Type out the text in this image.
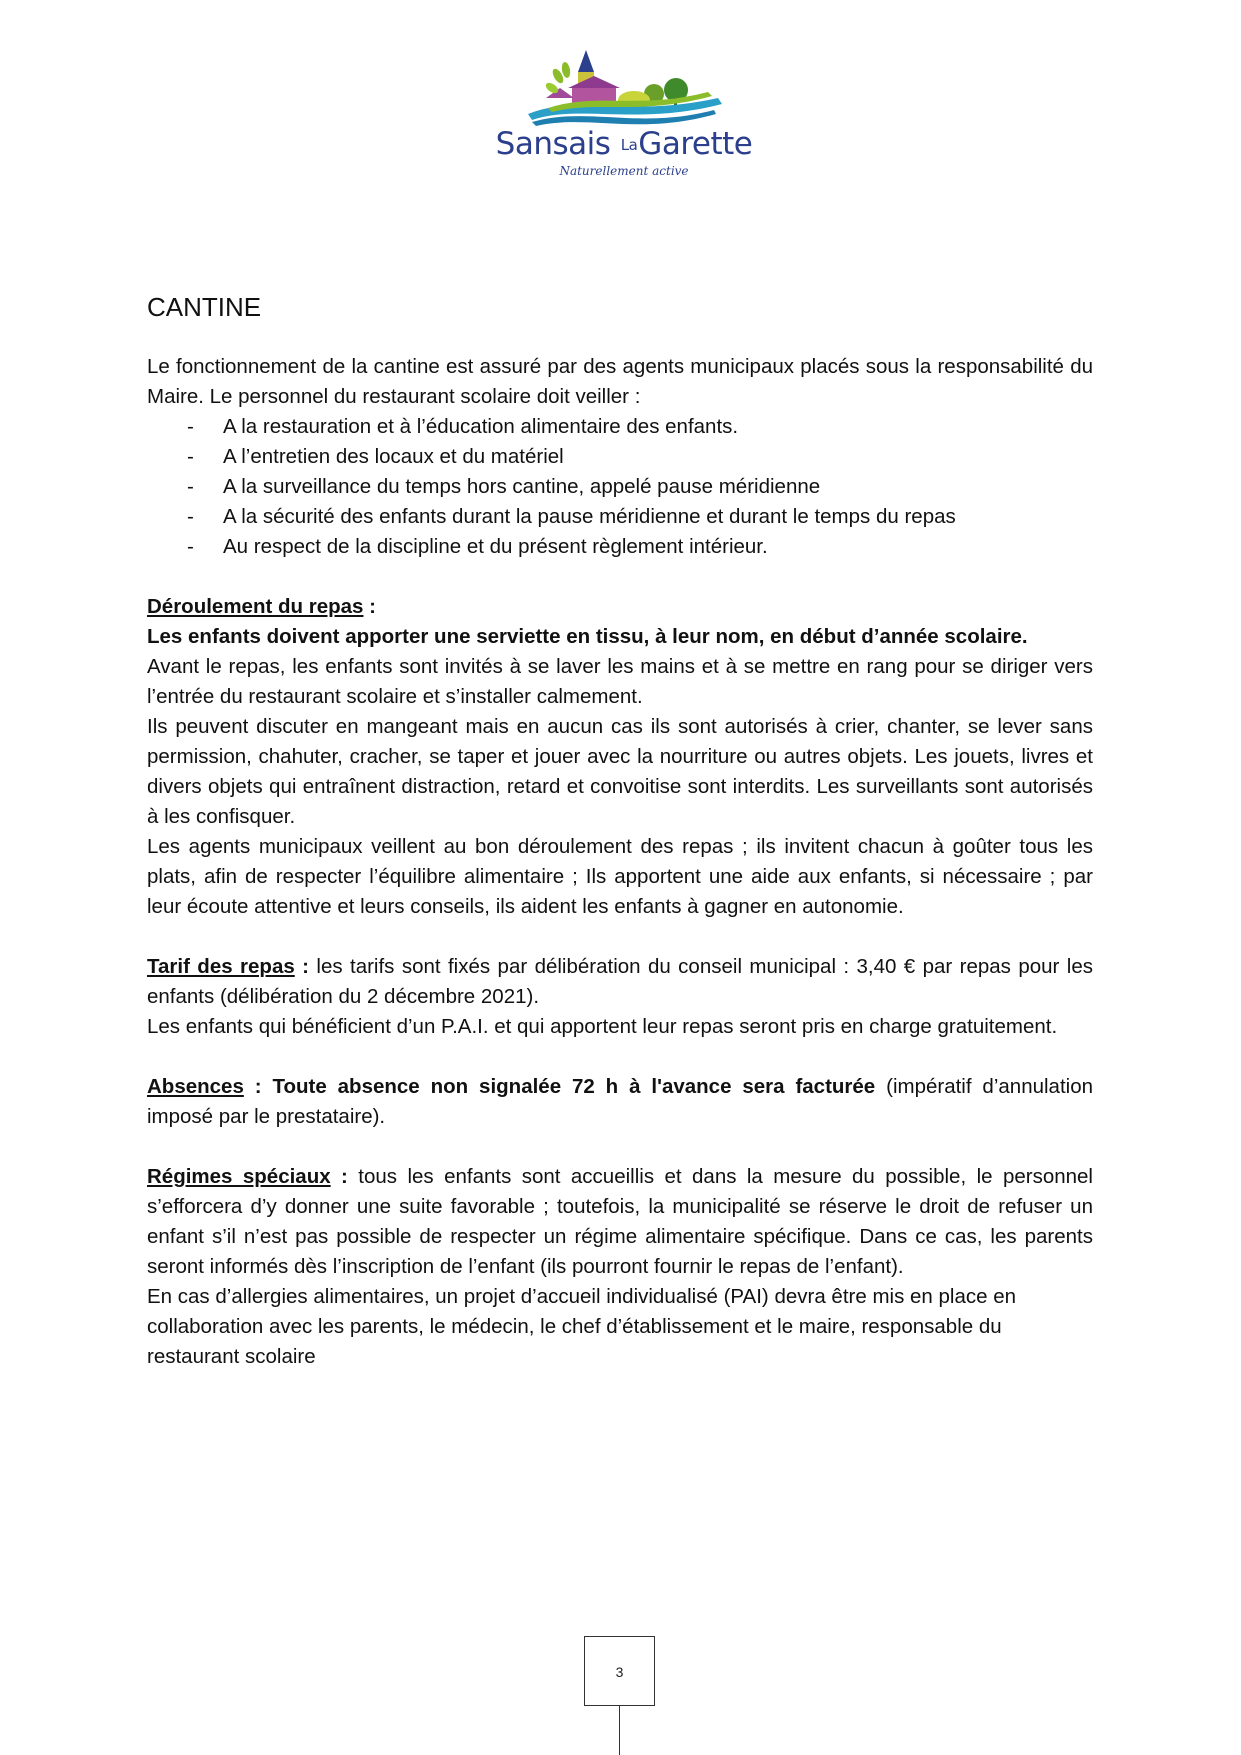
Sansais LaGarette
Naturellement active
CANTINE

Le fonctionnement de la cantine est assuré par des agents municipaux placés sous la responsabilité du Maire. Le personnel du restaurant scolaire doit veiller :

- A la restauration et à l’éducation alimentaire des enfants.
- A l’entretien des locaux et du matériel
- A la surveillance du temps hors cantine, appelé pause méridienne
- A la sécurité des enfants durant la pause méridienne et durant le temps du repas
- Au respect de la discipline et du présent règlement intérieur.

Déroulement du repas :

Les enfants doivent apporter une serviette en tissu, à leur nom, en début d’année scolaire.

Avant le repas, les enfants sont invités à se laver les mains et à se mettre en rang pour se diriger vers l’entrée du restaurant scolaire et s’installer calmement.

Ils peuvent discuter en mangeant mais en aucun cas ils sont autorisés à crier, chanter, se lever sans permission, chahuter, cracher, se taper et jouer avec la nourriture ou autres objets. Les jouets, livres et divers objets qui entraînent distraction, retard et convoitise sont interdits. Les surveillants sont autorisés à les confisquer.

Les agents municipaux veillent au bon déroulement des repas ; ils invitent chacun à goûter tous les plats, afin de respecter l’équilibre alimentaire ; Ils apportent une aide aux enfants, si nécessaire ; par leur écoute attentive et leurs conseils, ils aident les enfants à gagner en autonomie.

Tarif des repas : les tarifs sont fixés par délibération du conseil municipal : 3,40 € par repas pour les enfants (délibération du 2 décembre 2021).

Les enfants qui bénéficient d’un P.A.I. et qui apportent leur repas seront pris en charge gratuitement.

Absences : Toute absence non signalée 72 h à l'avance sera facturée (impératif d’annulation imposé par le prestataire).

Régimes spéciaux : tous les enfants sont accueillis et dans la mesure du possible, le personnel s’efforcera d’y donner une suite favorable ; toutefois, la municipalité se réserve le droit de refuser un enfant s’il n’est pas possible de respecter un régime alimentaire spécifique. Dans ce cas, les parents seront informés dès l’inscription de l’enfant (ils pourront fournir le repas de l’enfant).

En cas d’allergies alimentaires, un projet d’accueil individualisé (PAI) devra être mis en place en collaboration avec les parents, le médecin, le chef d’établissement et le maire, responsable du restaurant scolaire

3
